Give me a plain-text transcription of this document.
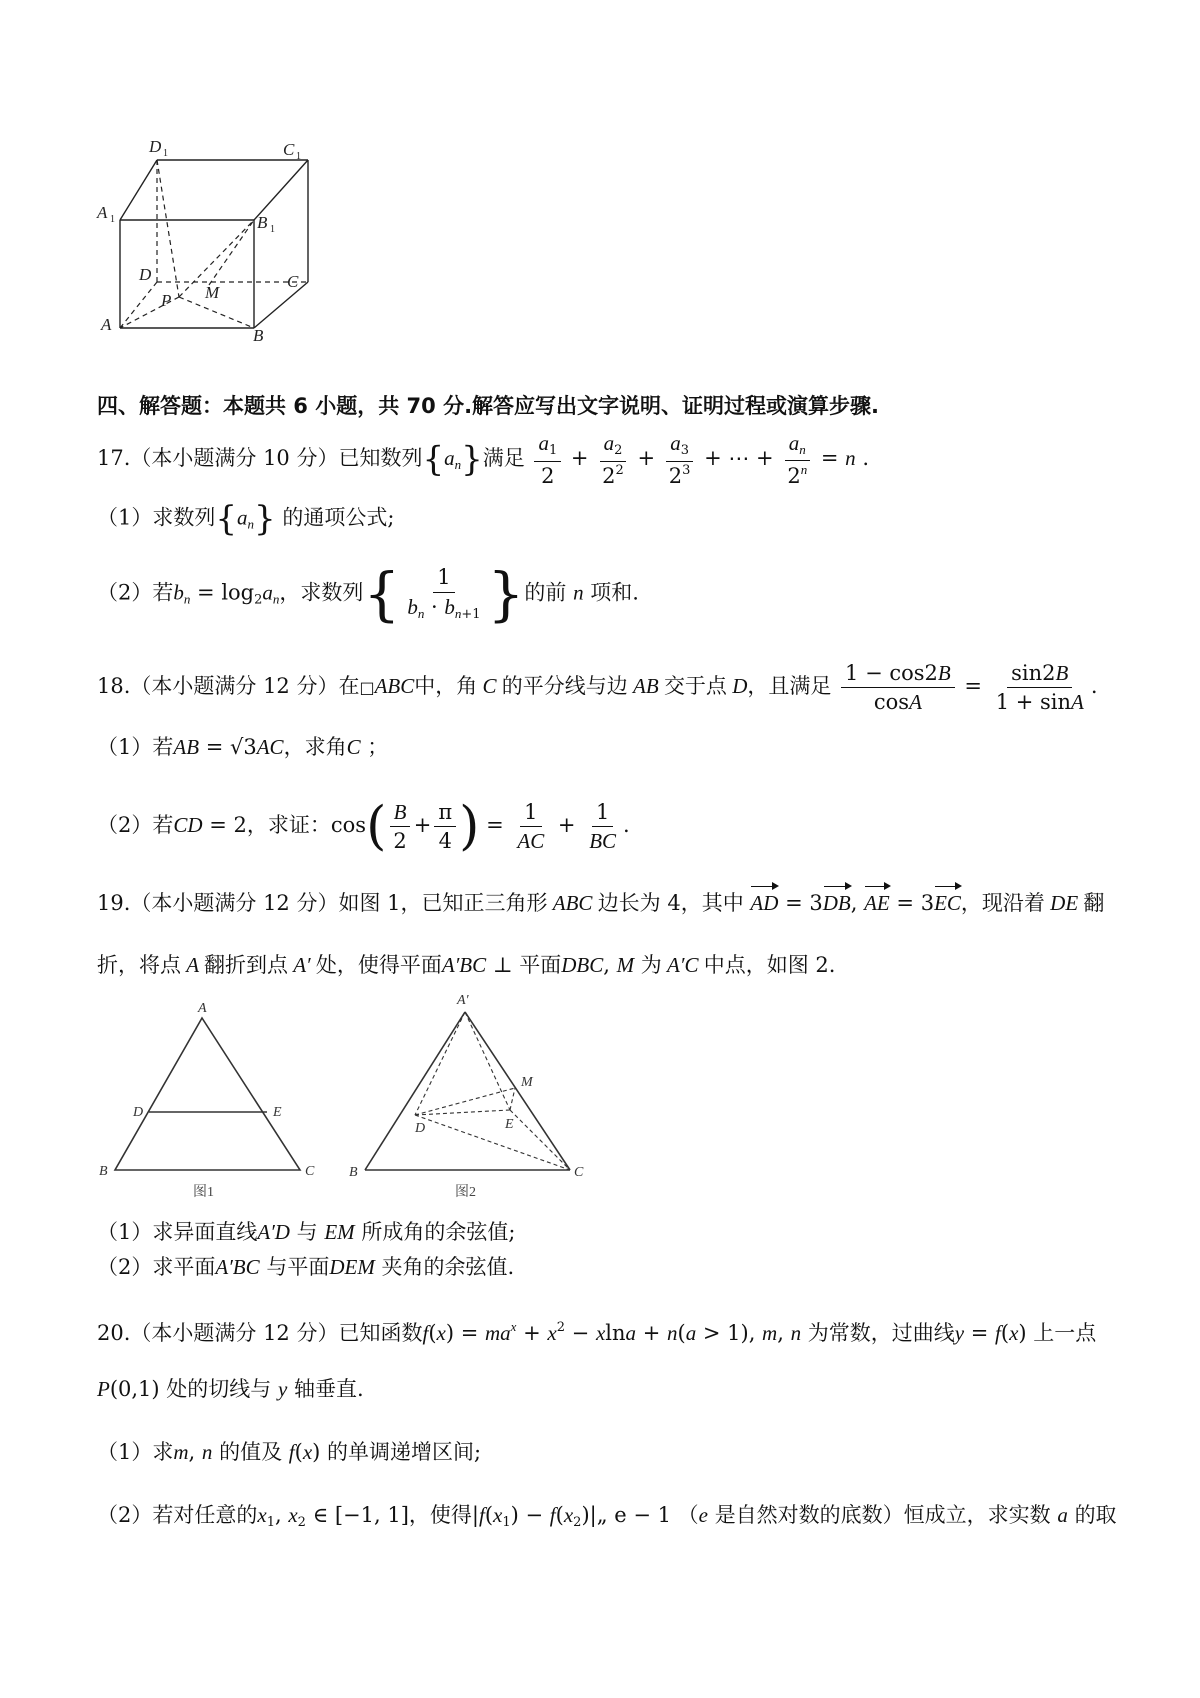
D 1	C 1
A 1	B 1
D	C
A
B
P M
四、解答题：本题共 6 小题，共 70 分.解答应写出文字说明、证明过程或演算步骤.
17.（本小题满分 10 分）已知数列$\{a_n\}$满足 $\frac{a_1}{2} + \frac{a_2}{2^2} + \frac{a_3}{2^3}$ + ⋯ + $\frac{a_n}{2^n} = n$ .
（1）求数列$\{a_n\}$ 的通项公式;
（2）若$b_n = \log_2a_n$，求数列{ $\frac{1}{b_n \cdot b_{n+1}}$ }的前 n 项和.
18.（本小题满分 12 分）在□ABC中，角 C 的平分线与边 AB 交于点 D，且满足 $\frac{1 - \cos 2B}{\cos A} = \frac{\sin 2B}{1 + \sin A}$ .
（1）若AB = √3AC，求角C ；
（2）若CD = 2，求证：$\cos( \frac{B}{2} + \frac{\pi}{4}$ ) = $\frac{1}{AC} + \frac{1}{BC}$ .
19.（本小题满分 12 分）如图 1，已知正三角形 ABC 边长为 4，其中 AD = 3DB, AE = 3EC，现沿着 DE 翻
折，将点 A 翻折到点 A′ 处，使得平面A′BC ⊥ 平面DBC, M 为 A′C 中点，如图 2.
A
D	E
B	C
图1
A′
M
D	E
B	C
图2
（1）求异面直线A′D 与 EM 所成角的余弦值;
（2）求平面A′BC 与平面DEM 夹角的余弦值.
20.（本小题满分 12 分）已知函数$f(x) = ma^x + x^2 - xlna + n(a > 1)$, m, n 为常数，过曲线y = f(x) 上一点
P(0,1) 处的切线与 y 轴垂直.
（1）求m, n 的值及 f(x) 的单调递增区间;
（2）若对任意的$x_1$, $x_2$ ∈ [−1, 1]，使得$|f(x_1)$ − $f(x_2)|„$ e − 1 （e 是自然对数的底数）恒成立，求实数 a 的取
